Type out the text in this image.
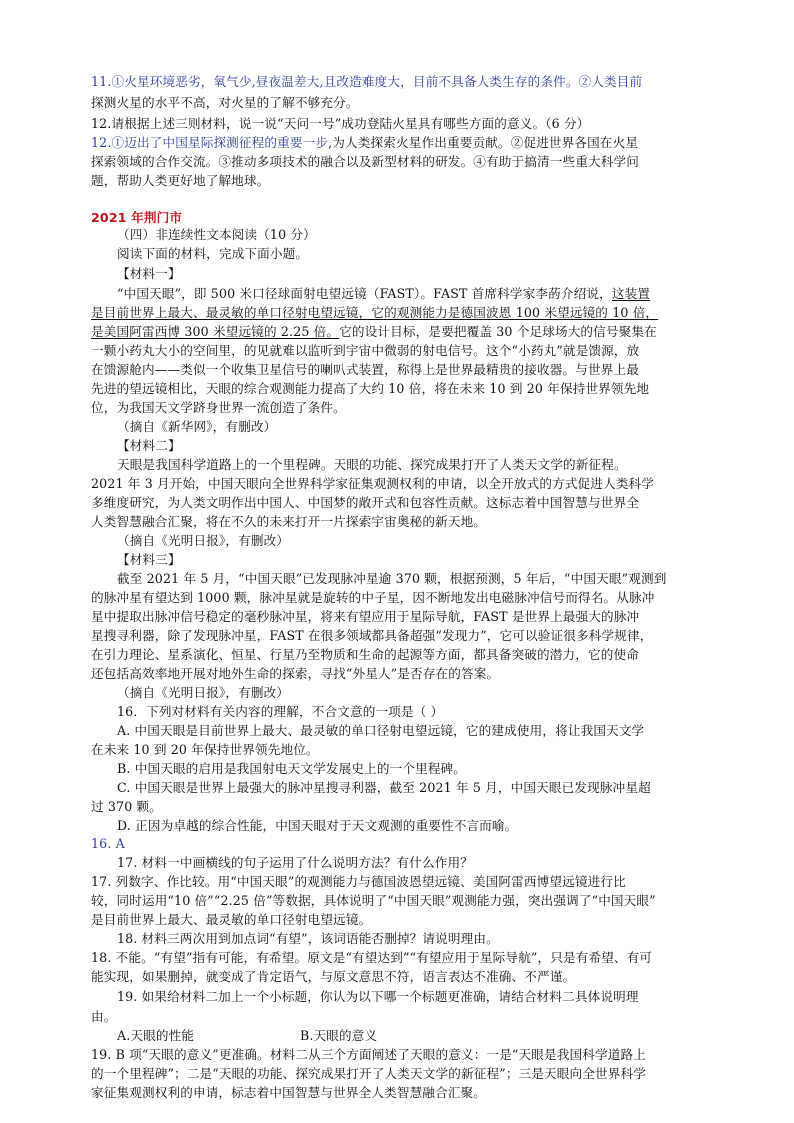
11.①火星环境恶劣，氧气少,昼夜温差大,且改造难度大，目前不具备人类生存的条件。②人类目前
探测火星的水平不高，对火星的了解不够充分。
12.请根据上述三则材料，说一说“天问一号”成功登陆火星具有哪些方面的意义。（6 分）
12.①迈出了中国星际探测征程的重要一步,为人类探索火星作出重要贡献。②促进世界各国在火星
探索领域的合作交流。③推动多项技术的融合以及新型材料的研发。④有助于搞清一些重大科学问
题，帮助人类更好地了解地球。
2021 年荆门市
（四）非连续性文本阅读（10 分）
阅读下面的材料，完成下面小题。
【材料一】
“中国天眼”，即 500 米口径球面射电望远镜（FAST）。FAST 首席科学家李菂介绍说，这装置
是目前世界上最大、最灵敏的单口径射电望远镜，它的观测能力是德国波恩 100 米望远镜的 10 倍，
是美国阿雷西博 300 米望远镜的 2.25 倍。它的设计目标，是要把覆盖 30 个足球场大的信号聚集在
一颗小药丸大小的空间里，的见就难以监听到宇宙中微弱的射电信号。这个“小药丸”就是馈源，放
在馈源舱内——类似一个收集卫星信号的喇叭式装置，称得上是世界最精贵的接收器。与世界上最
先进的望远镜相比，天眼的综合观测能力提高了大约 10 倍，将在未来 10 到 20 年保持世界领先地
位，为我国天文学跻身世界一流创造了条件。
（摘自《新华网》，有删改）
【材料二】
天眼是我国科学道路上的一个里程碑。天眼的功能、探究成果打开了人类天文学的新征程。
2021 年 3 月开始，中国天眼向全世界科学家征集观测权利的申请，以全开放式的方式促进人类科学
多维度研究，为人类文明作出中国人、中国梦的敞开式和包容性贡献。这标志着中国智慧与世界全
人类智慧融合汇聚，将在不久的未来打开一片探索宇宙奥秘的新天地。
（摘自《光明日报》，有删改）
【材料三】
截至 2021 年 5 月，“中国天眼”已发现脉冲星逾 370 颗，根据预测，5 年后，“中国天眼”观测到
的脉冲星有望达到 1000 颗，脉冲星就是旋转的中子星，因不断地发出电磁脉冲信号而得名。从脉冲
星中提取出脉冲信号稳定的毫秒脉冲星，将来有望应用于星际导航，FAST 是世界上最强大的脉冲
星搜寻利器，除了发现脉冲星，FAST 在很多领域都具备超强“发现力”，它可以验证很多科学规律，
在引力理论、星系演化、恒星、行星乃至物质和生命的起源等方面，都具备突破的潜力，它的使命
还包括高效率地开展对地外生命的探索，寻找“外星人”是否存在的答案。
（摘自《光明日报》，有删改）
16．下列对材料有关内容的理解，不合文意的一项是（ ）
A. 中国天眼是目前世界上最大、最灵敏的单口径射电望远镜，它的建成使用，将让我国天文学
在未来 10 到 20 年保持世界领先地位。
B. 中国天眼的启用是我国射电天文学发展史上的一个里程碑。
C. 中国天眼是世界上最强大的脉冲星搜寻利器，截至 2021 年 5 月，中国天眼已发现脉冲星超
过 370 颗。
D. 正因为卓越的综合性能，中国天眼对于天文观测的重要性不言而喻。
16. A
17. 材料一中画横线的句子运用了什么说明方法？有什么作用？
17. 列数字、作比较。用“中国天眼”的观测能力与德国波恩望远镜、美国阿雷西博望远镜进行比
较，同时运用“10 倍”“2.25 倍”等数据，具体说明了“中国天眼”观测能力强，突出强调了“中国天眼”
是目前世界上最大、最灵敏的单口径射电望远镜。
18. 材料三两次用到加点词“有望”，该词语能否删掉？请说明理由。
18. 不能。“有望”指有可能，有希望。原文是“有望达到”“有望应用于星际导航”，只是有希望、有可
能实现，如果删掉，就变成了肯定语气，与原文意思不符，语言表达不准确、不严谨。
19. 如果给材料二加上一个小标题，你认为以下哪一个标题更准确，请结合材料二具体说明理
由。
A.天眼的性能	B.天眼的意义
19. B 项“天眼的意义”更准确。材料二从三个方面阐述了天眼的意义：一是“天眼是我国科学道路上
的一个里程碑”；二是“天眼的功能、探究成果打开了人类天文学的新征程”；三是天眼向全世界科学
家征集观测权利的申请，标志着中国智慧与世界全人类智慧融合汇聚。
